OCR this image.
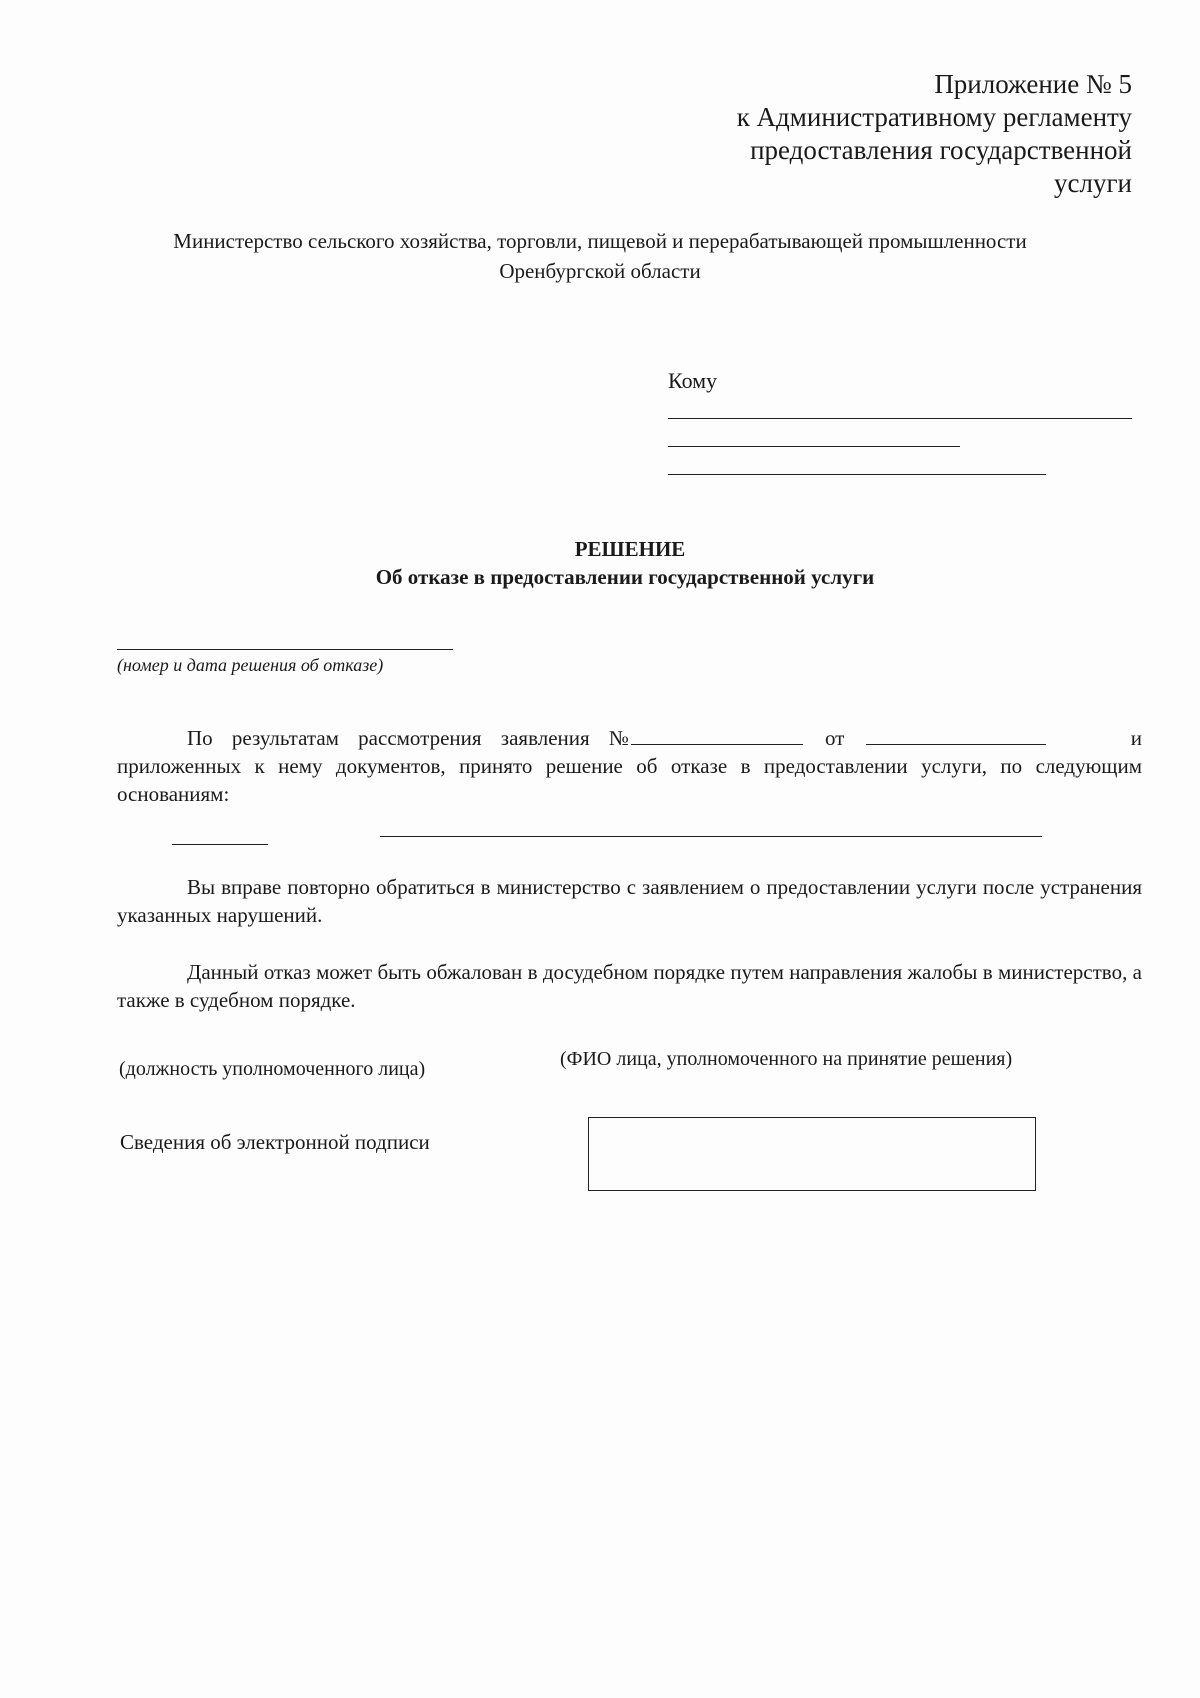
Приложение № 5
к Административному регламенту
предоставления государственной
услуги
Министерство сельского хозяйства, торговли, пищевой и перерабатывающей промышленности
Оренбургской области
Кому
РЕШЕНИЕ
Об отказе в предоставлении государственной услуги
(номер и дата решения об отказе)
По результатам рассмотрения заявления №	от	и
приложенных к нему документов, принято решение об отказе в предоставлении услуги, по следующим основаниям:
Вы вправе повторно обратиться в министерство с заявлением о предоставлении услуги после устранения указанных нарушений.
Данный отказ может быть обжалован в досудебном порядке путем направления жалобы в министерство, а также в судебном порядке.
(должность уполномоченного лица)	(ФИО лица, уполномоченного на принятие решения)
Сведения об электронной подписи
